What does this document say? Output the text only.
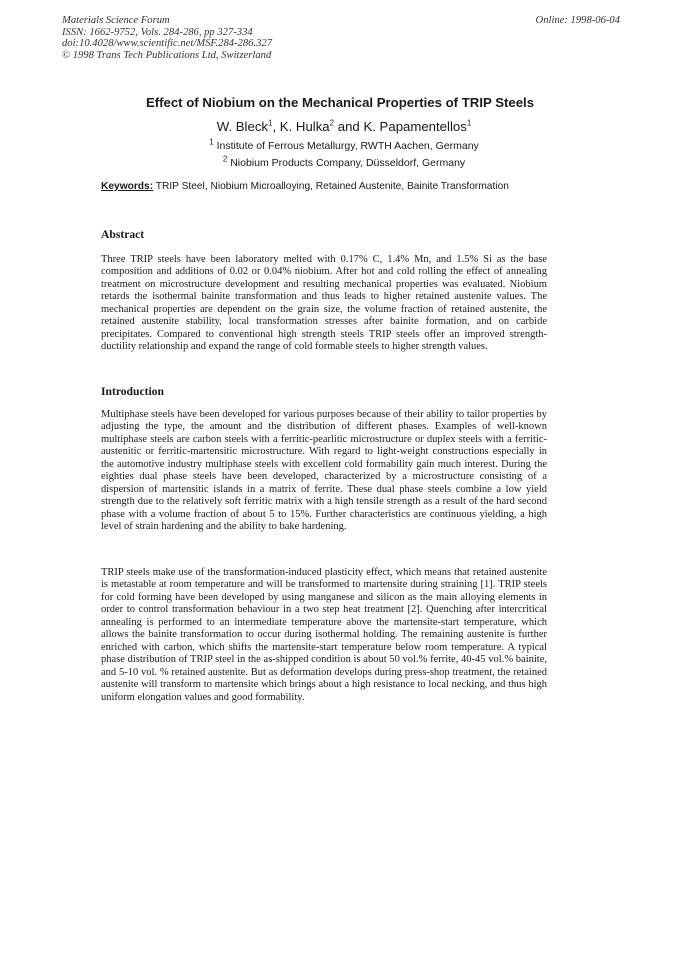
Materials Science Forum
ISSN: 1662-9752, Vols. 284-286, pp 327-334
doi:10.4028/www.scientific.net/MSF.284-286.327
© 1998 Trans Tech Publications Ltd, Switzerland
Online: 1998-06-04
Effect of Niobium on the Mechanical Properties of TRIP Steels
W. Bleck$^1$, K. Hulka$^2$ and K. Papamentellos$^1$
$^1$ Institute of Ferrous Metallurgy, RWTH Aachen, Germany
$^2$ Niobium Products Company, Düsseldorf, Germany
Keywords: TRIP Steel, Niobium Microalloying, Retained Austenite, Bainite Transformation
Abstract

Three TRIP steels have been laboratory melted with 0.17% C, 1.4% Mn, and 1.5% Si as the base composition and additions of 0.02 or 0.04% niobium. After hot and cold rolling the effect of annealing treatment on microstructure development and resulting mechanical properties was evaluated. Niobium retards the isothermal bainite transformation and thus leads to higher retained austenite values. The mechanical properties are dependent on the grain size, the volume fraction of retained austenite, the retained austenite stability, local transformation stresses after bainite formation, and on carbide precipitates. Compared to conventional high strength steels TRIP steels offer an improved strength-ductility relationship and expand the range of cold formable steels to higher strength values.

Introduction

Multiphase steels have been developed for various purposes because of their ability to tailor properties by adjusting the type, the amount and the distribution of different phases. Examples of well-known multiphase steels are carbon steels with a ferritic-pearlitic microstructure or duplex steels with a ferritic-austenitic or ferritic-martensitic microstructure. With regard to light-weight constructions especially in the automotive industry multiphase steels with excellent cold formability gain much interest. During the eighties dual phase steels have been developed, characterized by a microstructure consisting of a dispersion of martensitic islands in a matrix of ferrite. These dual phase steels combine a low yield strength due to the relatively soft ferritic matrix with a high tensile strength as a result of the hard second phase with a volume fraction of about 5 to 15%. Further characteristics are continuous yielding, a high level of strain hardening and the ability to bake hardening.

TRIP steels make use of the transformation-induced plasticity effect, which means that retained austenite is metastable at room temperature and will be transformed to martensite during straining [1]. TRIP steels for cold forming have been developed by using manganese and silicon as the main alloying elements in order to control transformation behaviour in a two step heat treatment [2]. Quenching after intercritical annealing is performed to an intermediate temperature above the martensite-start temperature, which allows the bainite transformation to occur during isothermal holding. The remaining austenite is further enriched with carbon, which shifts the martensite-start temperature below room temperature. A typical phase distribution of TRIP steel in the as-shipped condition is about 50 vol.% ferrite, 40-45 vol.% bainite, and 5-10 vol. % retained austenite. But as deformation develops during press-shop treatment, the retained austenite will transform to martensite which brings about a high resistance to local necking, and thus high uniform elongation values and good formability.
